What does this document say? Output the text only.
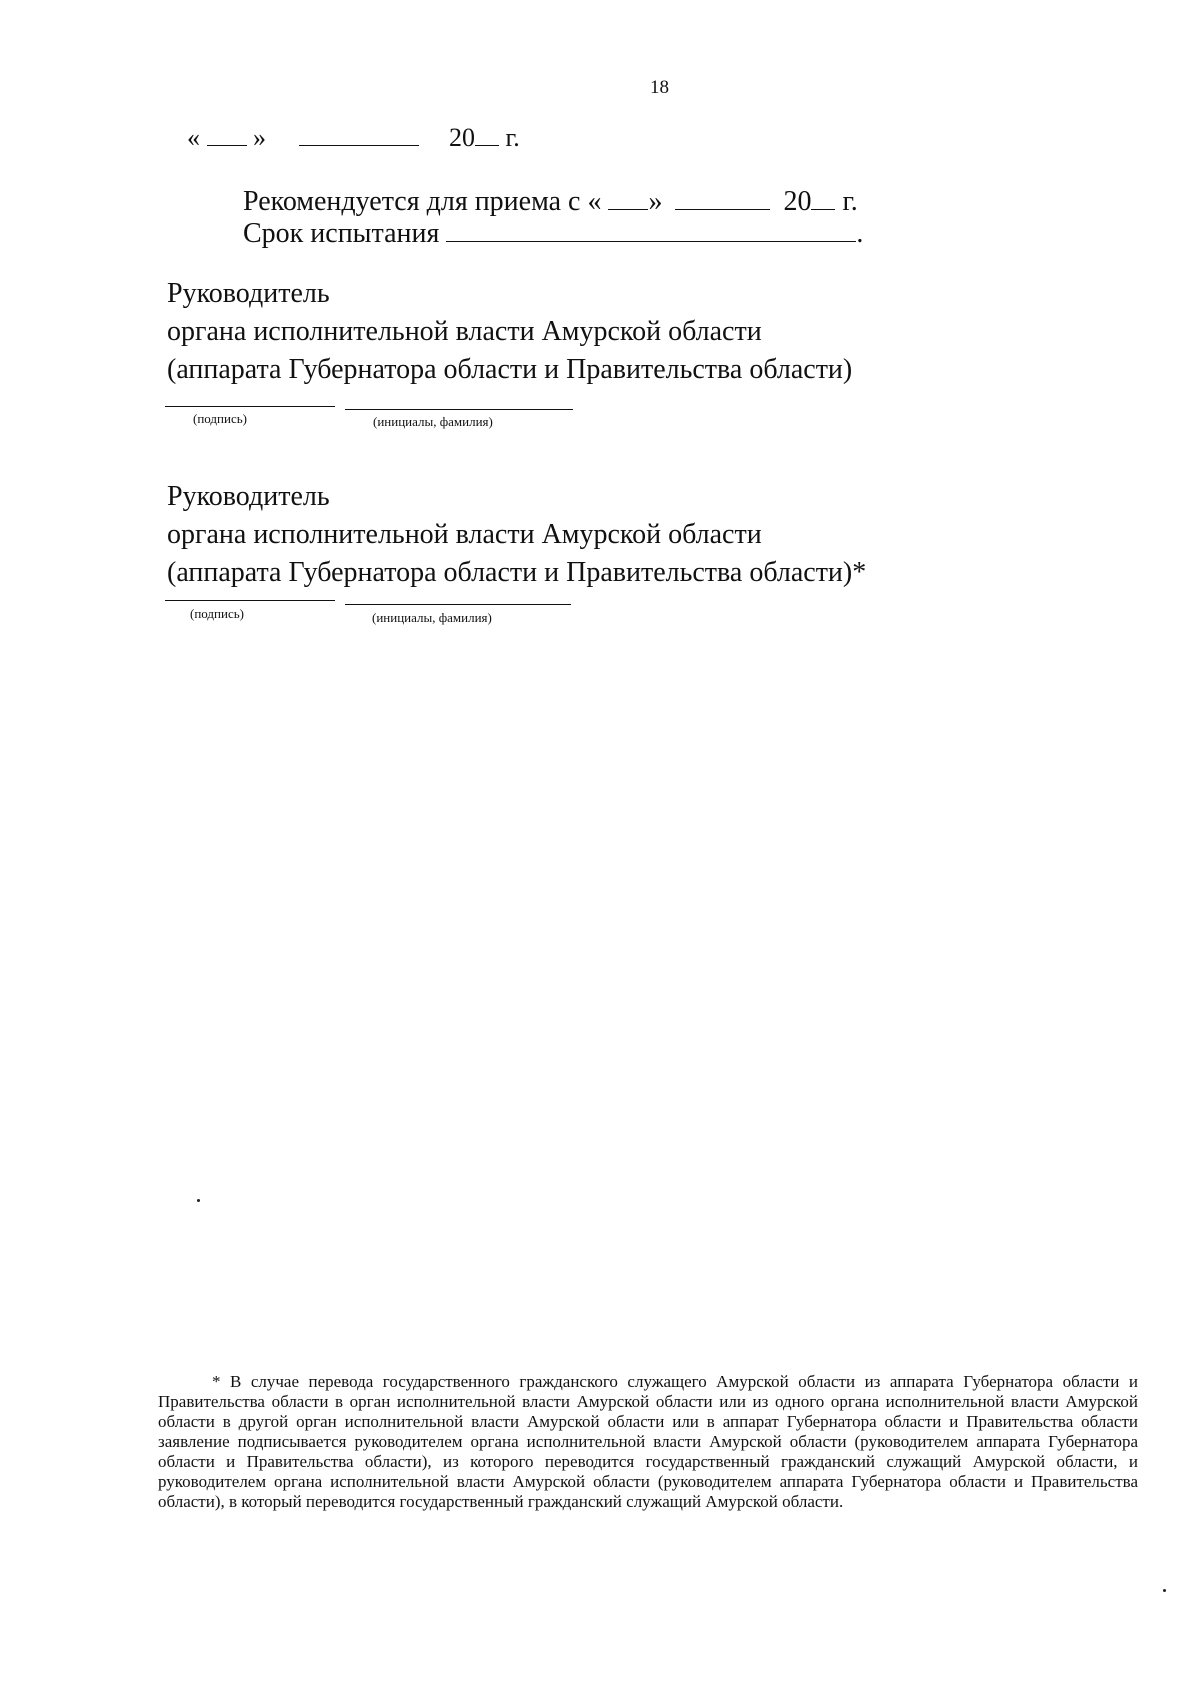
18
« »	20 г.
Рекомендуется для приема с « »	20 г.
Срок испытания	.
Руководитель
органа исполнительной власти Амурской области
(аппарата Губернатора области и Правительства области)
(подпись)	(инициалы, фамилия)
Руководитель
органа исполнительной власти Амурской области
(аппарата Губернатора области и Правительства области)*
(подпись)	(инициалы, фамилия)
* В случае перевода государственного гражданского служащего Амурской области из аппарата Губернатора области и Правительства области в орган исполнительной власти Амурской области или из одного органа исполнительной власти Амурской области в другой орган исполнительной власти Амурской области или в аппарат Губернатора области и Правительства области заявление подписывается руководителем органа исполнительной власти Амурской области (руководителем аппарата Губернатора области и Правительства области), из которого переводится государственный гражданский служащий Амурской области, и руководителем органа исполнительной власти Амурской области (руководителем аппарата Губернатора области и Правительства области), в который переводится государственный гражданский служащий Амурской области.
